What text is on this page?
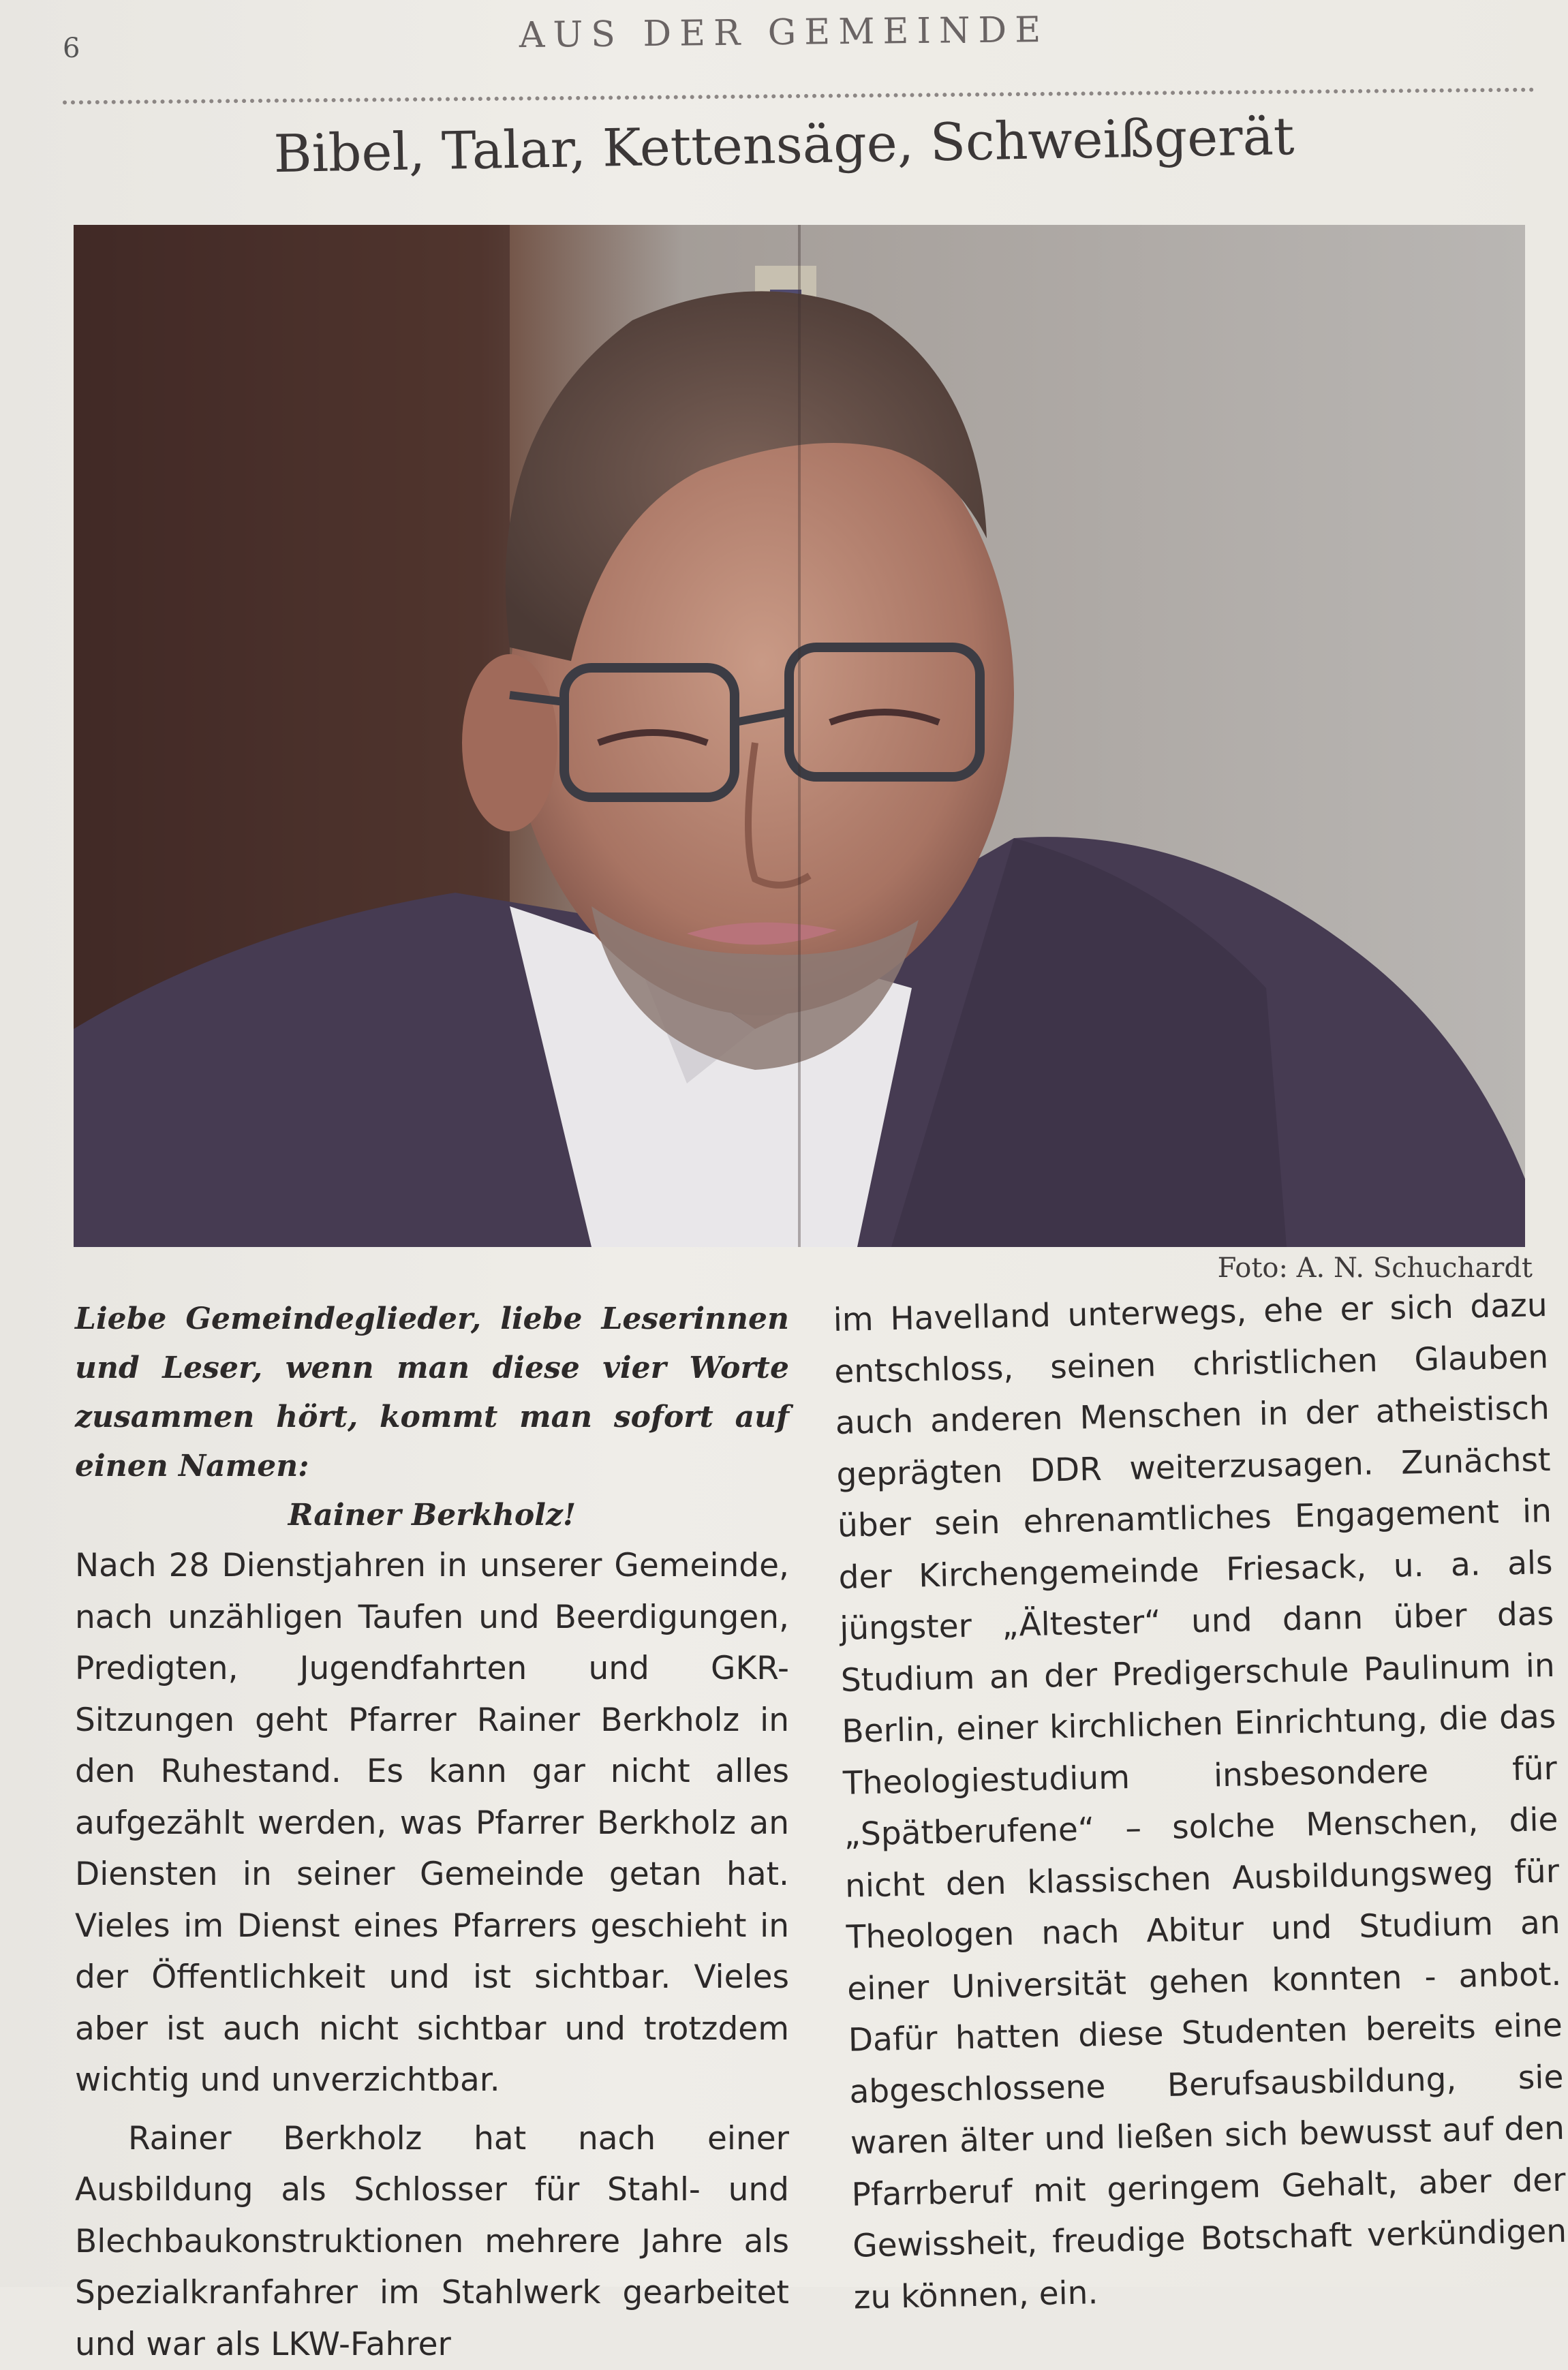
6	AUS DER GEMEINDE
Bibel, Talar, Kettensäge, Schweißgerät
Foto: A. N. Schuchardt

Liebe Gemeindeglieder, liebe Leserinnen und Leser, wenn man diese vier Worte zusammen hört, kommt man sofort auf einen Namen:

Rainer Berkholz!

Nach 28 Dienstjahren in unserer Gemeinde, nach unzähligen Taufen und Beerdigungen, Predigten, Jugendfahrten und GKR-Sitzungen geht Pfarrer Rainer Berkholz in den Ruhestand. Es kann gar nicht alles aufgezählt werden, was Pfarrer Berkholz an Diensten in seiner Gemeinde getan hat. Vieles im Dienst eines Pfarrers geschieht in der Öffentlichkeit und ist sichtbar. Vieles aber ist auch nicht sichtbar und trotzdem wichtig und unverzichtbar.

Rainer Berkholz hat nach einer Ausbildung als Schlosser für Stahl- und Blechbaukonstruktionen mehrere Jahre als Spezialkranfahrer im Stahlwerk gearbeitet und war als LKW-Fahrer

im Havelland unterwegs, ehe er sich dazu entschloss, seinen christlichen Glauben auch anderen Menschen in der atheistisch geprägten DDR weiterzusagen. Zunächst über sein ehrenamtliches Engagement in der Kirchengemeinde Friesack, u. a. als jüngster „Ältester“ und dann über das Studium an der Predigerschule Paulinum in Berlin, einer kirchlichen Einrichtung, die das Theologiestudium insbesondere für „Spätberufene“ – solche Menschen, die nicht den klassischen Ausbildungsweg für Theologen nach Abitur und Studium an einer Universität gehen konnten - anbot. Dafür hatten diese Studenten bereits eine abgeschlossene Berufsausbildung, sie waren älter und ließen sich bewusst auf den Pfarrberuf mit geringem Gehalt, aber der Gewissheit, freudige Botschaft verkündigen zu können, ein.
